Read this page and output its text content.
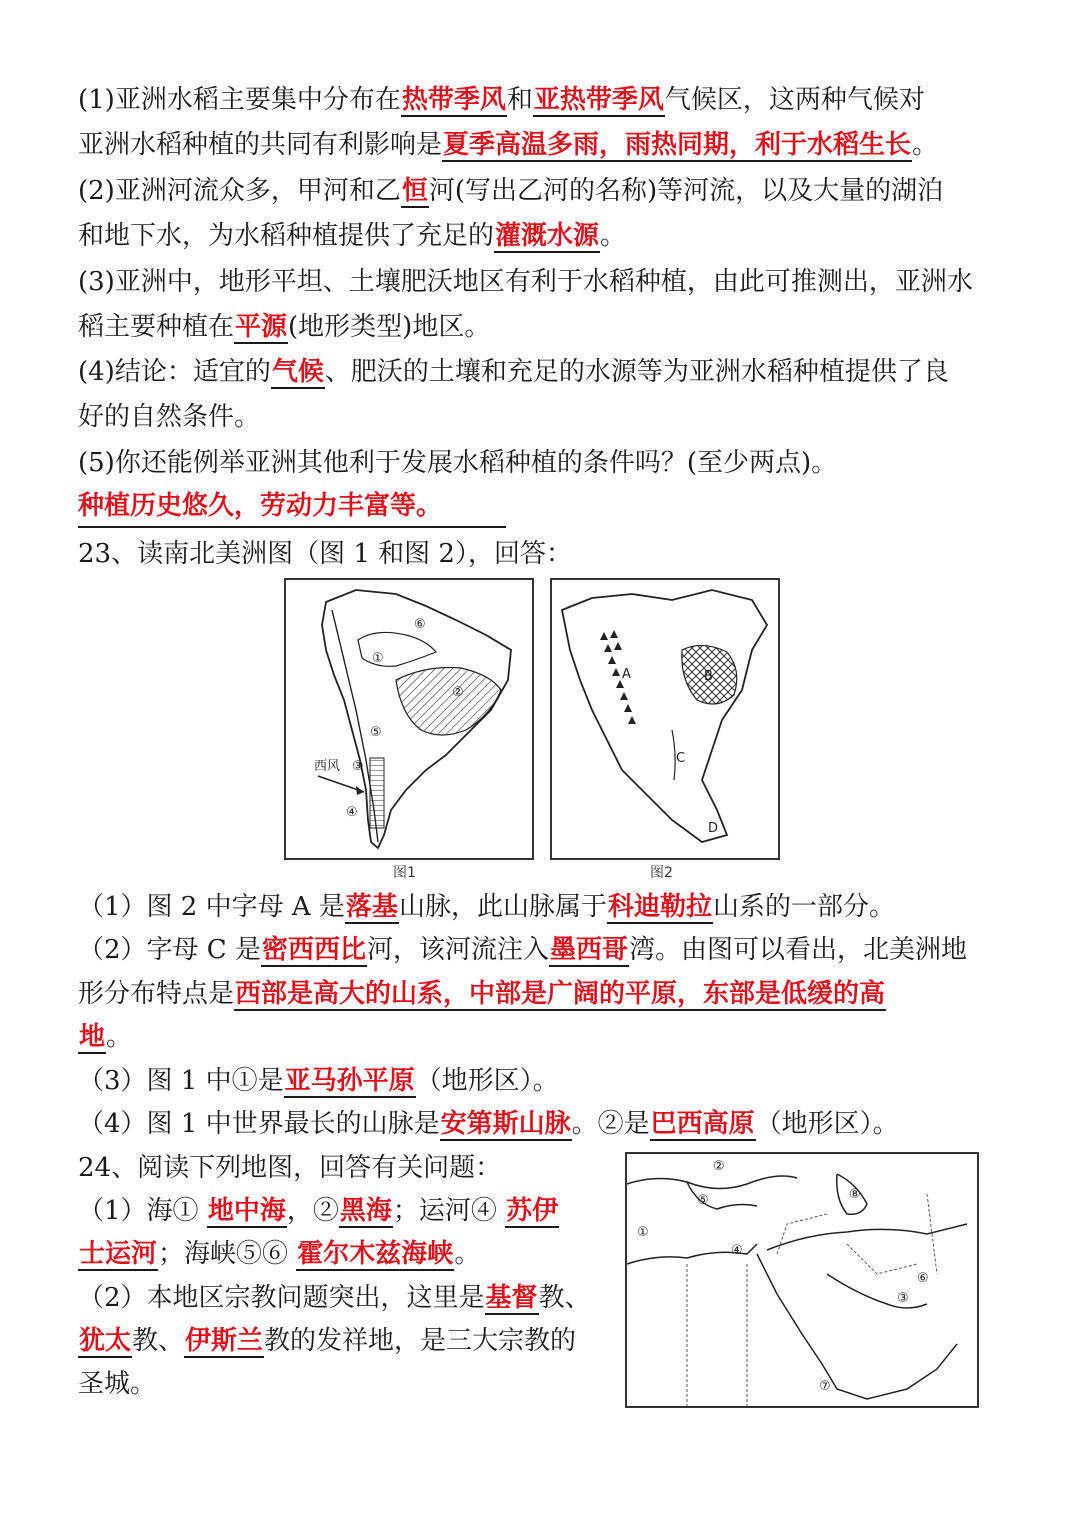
(1)亚洲水稻主要集中分布在热带季风和亚热带季风气候区，这两种气候对
亚洲水稻种植的共同有利影响是夏季高温多雨，雨热同期，利于水稻生长。
(2)亚洲河流众多，甲河和乙恒河(写出乙河的名称)等河流，以及大量的湖泊
和地下水，为水稻种植提供了充足的灌溉水源。
(3)亚洲中，地形平坦、土壤肥沃地区有利于水稻种植，由此可推测出，亚洲水
稻主要种植在平源(地形类型)地区。
(4)结论：适宜的气候、肥沃的土壤和充足的水源等为亚洲水稻种植提供了良
好的自然条件。
(5)你还能例举亚洲其他利于发展水稻种植的条件吗？(至少两点)。
种植历史悠久，劳动力丰富等。
23、读南北美洲图（图 1 和图 2），回答：
西风
①
②
③
④
⑤
⑥
图1
A	B
C
D
图2
（1）图 2 中字母 A 是落基山脉，此山脉属于科迪勒拉山系的一部分。
（2）字母 C 是密西西比河，该河流注入墨西哥湾。由图可以看出，北美洲地
形分布特点是西部是高大的山系，中部是广阔的平原，东部是低缓的高
地。
（3）图 1 中①是亚马孙平原（地形区）。
（4）图 1 中世界最长的山脉是安第斯山脉。②是巴西高原（地形区）。
24、阅读下列地图，回答有关问题：
（1）海① 地中海，②黑海；运河④ 苏伊
士运河；海峡⑤⑥ 霍尔木兹海峡。
（2）本地区宗教问题突出，这里是基督教、
犹太教、伊斯兰教的发祥地，是三大宗教的
圣城。
①
②
③
④
⑤
⑥
⑦
⑧
